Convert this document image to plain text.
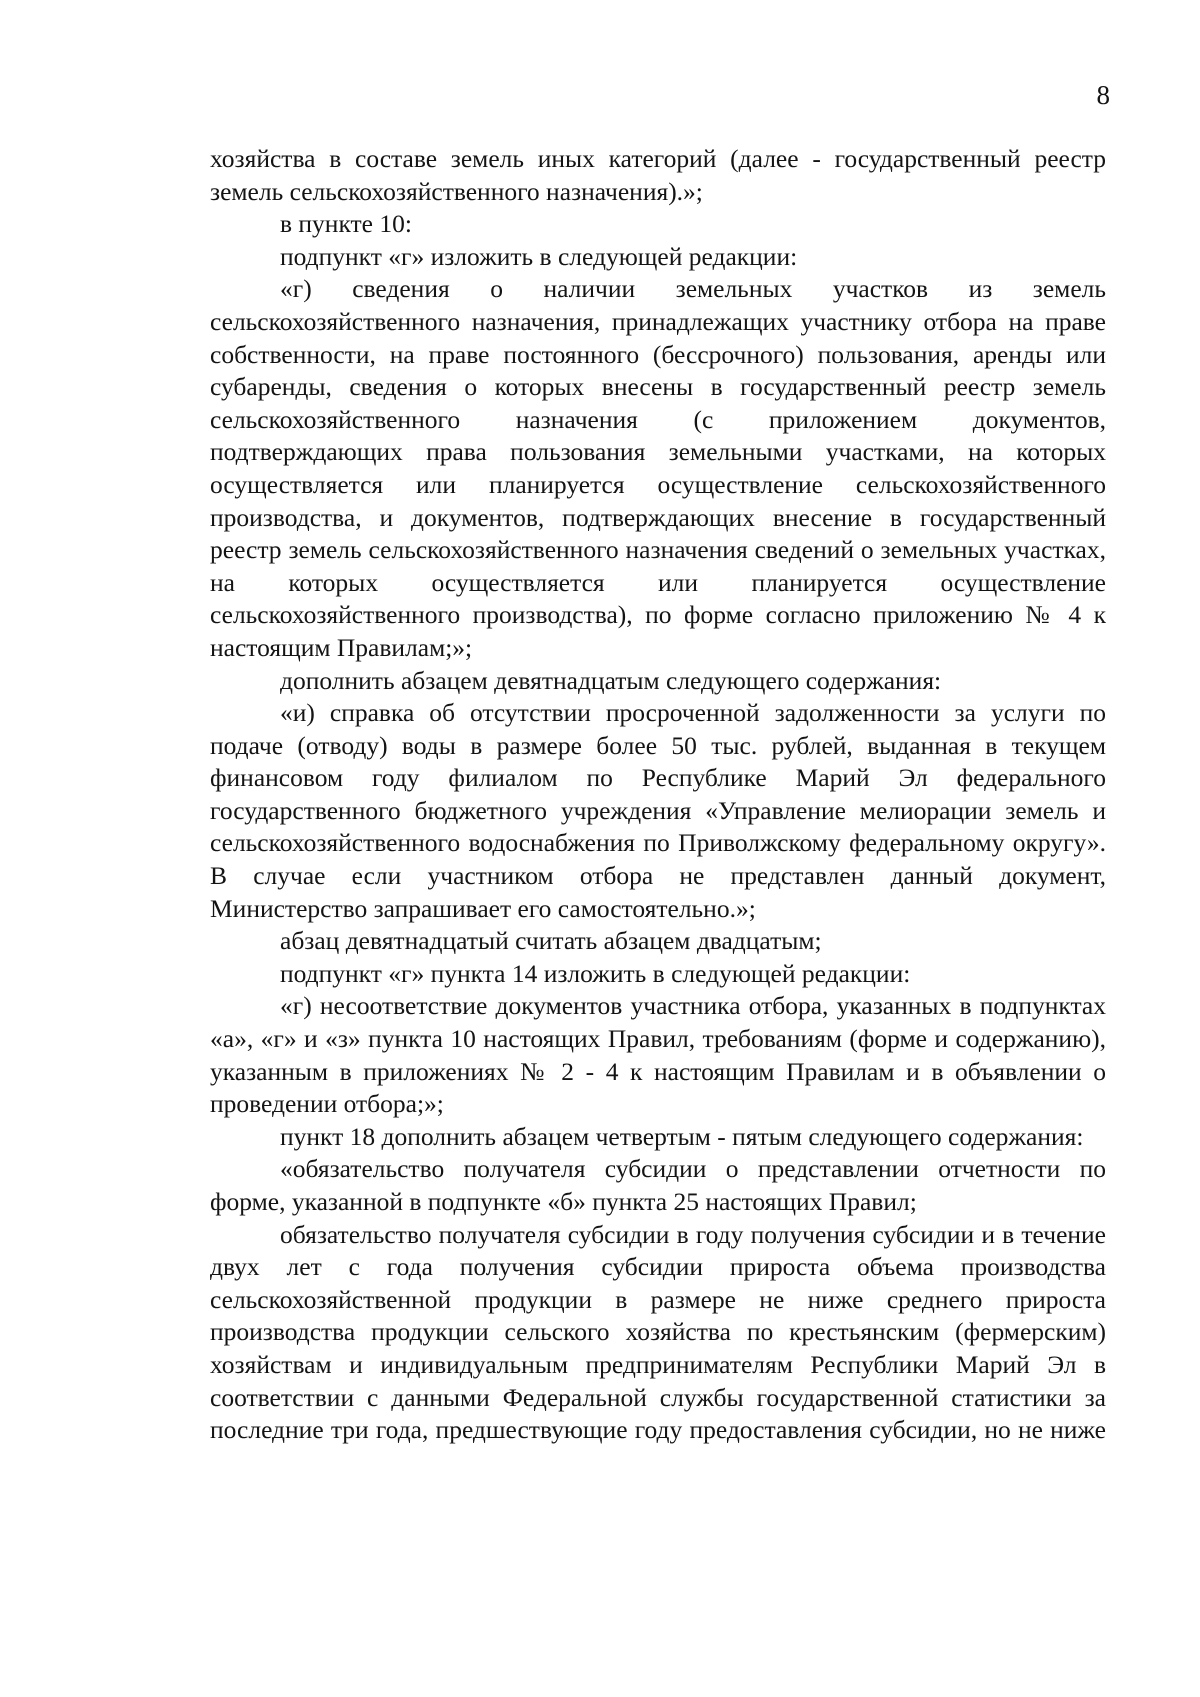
8

хозяйства в составе земель иных категорий (далее - государственный реестр земель сельскохозяйственного назначения).»;

в пункте 10:

подпункт «г» изложить в следующей редакции:

«г) сведения о наличии земельных участков из земель сельскохозяйственного назначения, принадлежащих участнику отбора на праве собственности, на праве постоянного (бессрочного) пользования, аренды или субаренды, сведения о которых внесены в государственный реестр земель сельскохозяйственного назначения (с приложением документов, подтверждающих права пользования земельными участками, на которых осуществляется или планируется осуществление сельскохозяйственного производства, и документов, подтверждающих внесение в государственный реестр земель сельскохозяйственного назначения сведений о земельных участках, на которых осуществляется или планируется осуществление сельскохозяйственного производства), по форме согласно приложению № 4 к настоящим Правилам;»;

дополнить абзацем девятнадцатым следующего содержания:

«и) справка об отсутствии просроченной задолженности за услуги по подаче (отводу) воды в размере более 50 тыс. рублей, выданная в текущем финансовом году филиалом по Республике Марий Эл федерального государственного бюджетного учреждения «Управление мелиорации земель и сельскохозяйственного водоснабжения по Приволжскому федеральному округу». В случае если участником отбора не представлен данный документ, Министерство запрашивает его самостоятельно.»;

абзац девятнадцатый считать абзацем двадцатым;

подпункт «г» пункта 14 изложить в следующей редакции:

«г) несоответствие документов участника отбора, указанных в подпунктах «а», «г» и «з» пункта 10 настоящих Правил, требованиям (форме и содержанию), указанным в приложениях № 2 - 4 к настоящим Правилам и в объявлении о проведении отбора;»;

пункт 18 дополнить абзацем четвертым - пятым следующего содержания:

«обязательство получателя субсидии о представлении отчетности по форме, указанной в подпункте «б» пункта 25 настоящих Правил;

обязательство получателя субсидии в году получения субсидии и в течение двух лет с года получения субсидии прироста объема производства сельскохозяйственной продукции в размере не ниже среднего прироста производства продукции сельского хозяйства по крестьянским (фермерским) хозяйствам и индивидуальным предпринимателям Республики Марий Эл в соответствии с данными Федеральной службы государственной статистики за последние три года, предшествующие году предоставления субсидии, но не ниже
